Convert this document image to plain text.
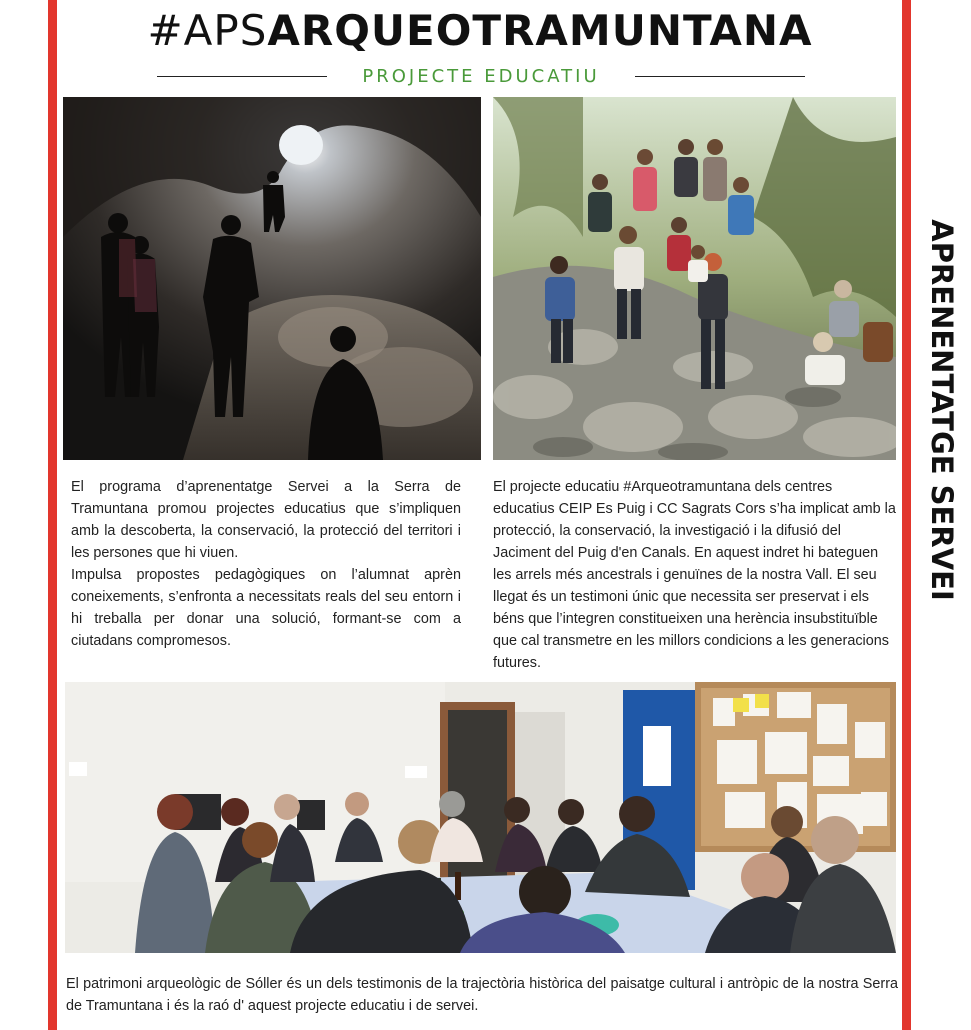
#APSARQUEOTRAMUNTANA
PROJECTE EDUCATIU
APRENENTATGE SERVEI

El programa d’aprenentatge Servei a la Serra de Tramuntana promou projectes educatius que s’impliquen amb la descoberta, la conservació, la protecció del territori i les persones que hi viuen.

Impulsa propostes pedagògiques on l’alumnat aprèn coneixements, s’enfronta a necessitats reals del seu entorn i hi treballa per donar una solució, formant-se com a ciutadans compromesos.

El projecte educatiu #Arqueotramuntana dels centres educatius CEIP Es Puig i CC Sagrats Cors s’ha implicat amb la protecció, la conservació, la investigació i la difusió del Jaciment del Puig d'en Canals. En aquest indret hi bateguen les arrels més ancestrals i genuïnes de la nostra Vall. El seu llegat és un testimoni únic que necessita ser preservat i els béns que l’integren constitueixen una herència insubstituïble que cal transmetre en les millors condicions a les generacions futures.

El patrimoni arqueològic de Sóller és un dels testimonis de la trajectòria històrica del paisatge cultural i antròpic de la nostra Serra de Tramuntana i és la raó d' aquest projecte educatiu i de servei.
